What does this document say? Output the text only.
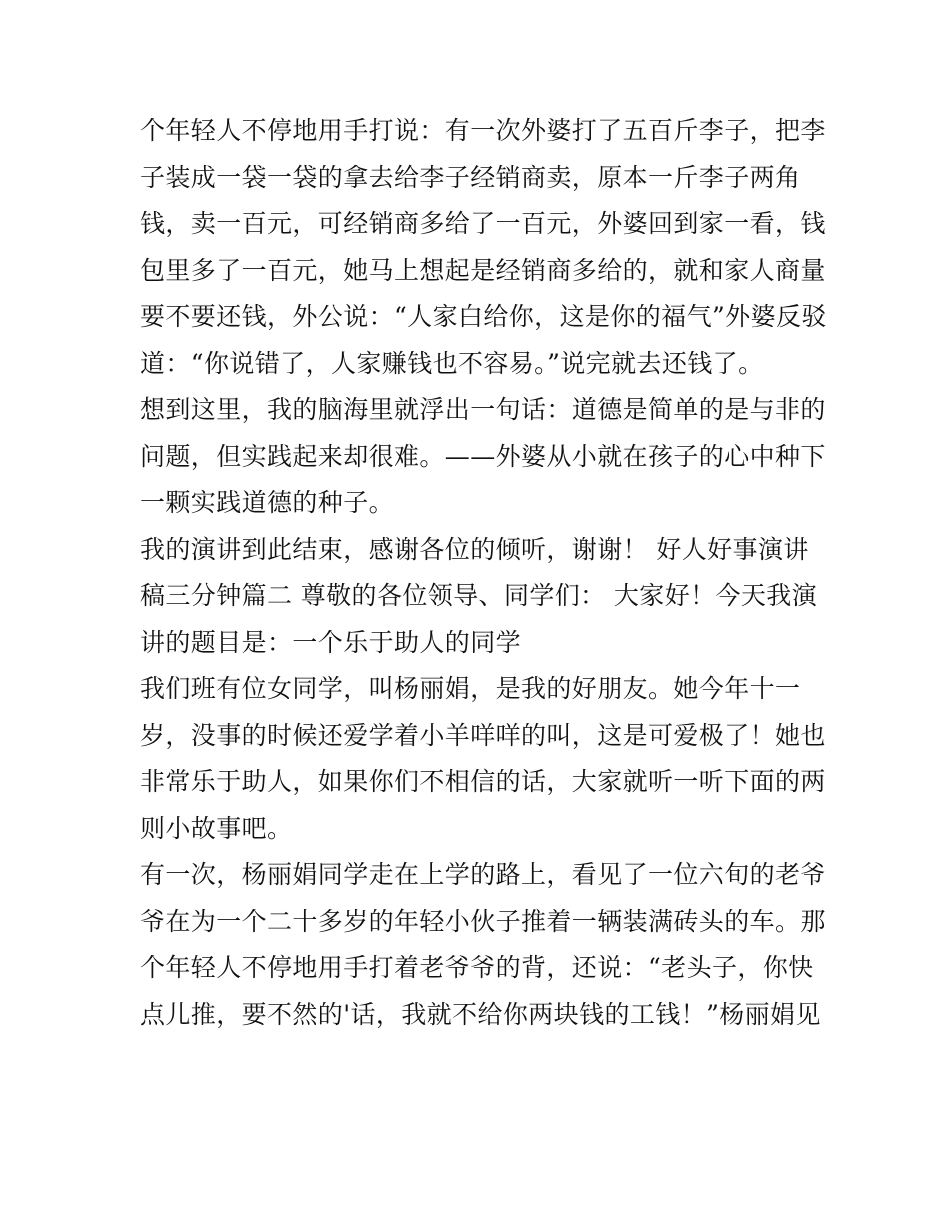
个年轻人不停地用手打说：有一次外婆打了五百斤李子，把李
子装成一袋一袋的拿去给李子经销商卖，原本一斤李子两角
钱，卖一百元，可经销商多给了一百元，外婆回到家一看，钱
包里多了一百元，她马上想起是经销商多给的，就和家人商量
要不要还钱，外公说：“人家白给你，这是你的福气”外婆反驳
道：“你说错了，人家赚钱也不容易。”说完就去还钱了。
想到这里，我的脑海里就浮出一句话：道德是简单的是与非的
问题，但实践起来却很难。——外婆从小就在孩子的心中种下
一颗实践道德的种子。
我的演讲到此结束，感谢各位的倾听，谢谢！ 好人好事演讲
稿三分钟篇二 尊敬的各位领导、同学们： 大家好！今天我演
讲的题目是：一个乐于助人的同学
我们班有位女同学，叫杨丽娟，是我的好朋友。她今年十一
岁，没事的时候还爱学着小羊咩咩的叫，这是可爱极了！她也
非常乐于助人，如果你们不相信的话，大家就听一听下面的两
则小故事吧。
有一次，杨丽娟同学走在上学的路上，看见了一位六旬的老爷
爷在为一个二十多岁的年轻小伙子推着一辆装满砖头的车。那
个年轻人不停地用手打着老爷爷的背，还说：“老头子，你快
点儿推，要不然的'话，我就不给你两块钱的工钱！”杨丽娟见
